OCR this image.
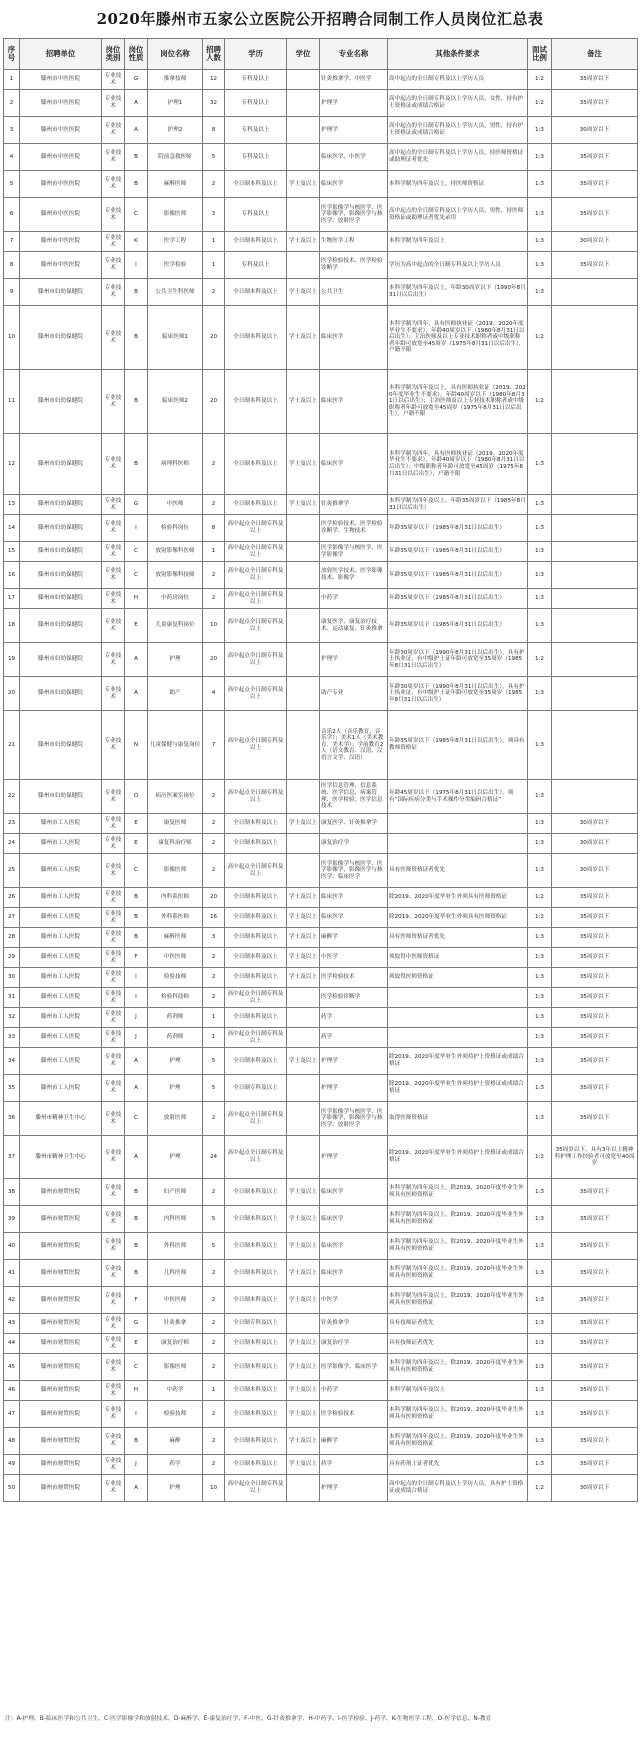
2020年滕州市五家公立医院公开招聘合同制工作人员岗位汇总表
序号	招聘单位	岗位类别	岗位性质	岗位名称	招聘人数	学历	学位	专业名称	其他条件要求	面试比例	备注
1	滕州市中医医院	专业技术	G	推拿技师	12	专科及以上		针灸推拿学、中医学	高中起点的全日制专科及以上学历人员	1:2	35周岁以下
2	滕州市中医医院	专业技术	A	护理1	32	专科及以上		护理学	高中起点的全日制专科及以上学历人员，女性，持有护士资格证或成绩合格证	1:2	35周岁以下
3	滕州市中医医院	专业技术	A	护理2	8	专科及以上		护理学	高中起点的全日制专科及以上学历人员，男性，持有护士资格证或成绩合格证	1:3	30周岁以下
4	滕州市中医医院	专业技术	B	院前急救医师	5	专科及以上		临床医学、中医学	高中起点的全日制专科及以上学历人员，持医师资格证或助理证者优先	1:3	35周岁以下
5	滕州市中医医院	专业技术	B	麻醉医师	2	全日制本科及以上	学士及以上	临床医学	本科学制为四年及以上，持医师资格证	1:3	35周岁以下
6	滕州市中医医院	专业技术	C	影像医师	3	专科及以上		医学影像学与核医学、医学影像学、影像医学与核医学、放射医学	高中起点的全日制专科及以上学历人员，男性，持医师资格证或助理证者优先录用	1:3	35周岁以下
7	滕州市中医医院	专业技术	K	医学工程	1	全日制本科及以上	学士及以上	生物医学工程	本科学制为四年及以上	1:3	30周岁以下
8	滕州市中医医院	专业技术	I	医学检验	1	专科及以上		医学检验技术、医学检验诊断学	学历为高中起点的全日制专科及以上学历人员	1:3	35周岁以下
9	滕州市妇幼保健院	专业技术	B	公共卫生科医师	2	全日制本科及以上	学士及以上	公共卫生	本科学制为四年及以上，年龄30周岁以下（1990年8月31日以后出生）	1:3	
10	滕州市妇幼保健院	专业技术	B	临床医师1	20	全日制本科及以上	学士及以上	临床医学	本科学制为四年，具有医师执业证（2019、2020年度毕业生不要求），年龄40周岁以下（1980年8月31日以后出生）；主治医师及以上专业技术职称者或中级职称者年龄可放宽至45周岁（1975年8月31日以后出生），户籍不限	1:2	
11	滕州市妇幼保健院	专业技术	B	临床医师2	20	全日制本科及以上	学士及以上	临床医学	本科学制为四年及以上，具有医师执业证（2019、2020年度毕业生不要求），年龄40周岁以下（1980年8月31日以后出生）；主治医师及以上专业技术职称者或中级职称者年龄可放宽至45周岁（1975年8月31日以后出生），户籍不限	1:2	
12	滕州市妇幼保健院	专业技术	B	病理科医师	2	全日制本科及以上	学士及以上	临床医学	本科学制为四年，具有医师执业证（2019、2020年度毕业生不要求），年龄40周岁以下（1980年8月31日以后出生）；中级职称者年龄可放宽至45周岁（1975年8月31日以后出生），户籍不限	1:3	
13	滕州市妇幼保健院	专业技术	G	中医师	2	全日制本科及以上	学士及以上	针灸推拿学	本科学制为四年及以上，年龄35周岁以下（1985年8月31日以后出生）	1:3	
14	滕州市妇幼保健院	专业技术	I	检验科岗位	8	高中起点全日制专科及以上		医学检验技术、医学检验诊断学、生物技术	年龄35周岁以下（1985年8月31日以后出生）	1:3	
15	滕州市妇幼保健院	专业技术	C	放射影像科医师	1	高中起点全日制专科及以上		医学影像学与核医学、医学影像学	年龄35周岁以下（1985年8月31日以后出生）	1:3	
16	滕州市妇幼保健院	专业技术	C	放射影像科技师	2	高中起点全日制专科及以上		放射医学技术、医学影像技术、影像学	年龄35周岁以下（1985年8月31日以后出生）	1:3	
17	滕州市妇幼保健院	专业技术	H	中药房岗位	2	高中起点全日制专科及以上		中药学	年龄35周岁以下（1985年8月31日以后出生）	1:3	
18	滕州市妇幼保健院	专业技术	E	儿童康复科岗位	10	高中起点全日制专科及以上		康复医学、康复治疗技术、运动康复、针灸推拿	年龄35周岁以下（1985年8月31日以后出生）	1:3	
19	滕州市妇幼保健院	专业技术	A	护理	20	高中起点全日制专科及以上		护理学	年龄30周岁以下（1990年8月31日以后出生），具有护士执业证，有中级护士证年龄可放宽至35周岁（1985年8月31日以后出生）	1:2	
20	滕州市妇幼保健院	专业技术	A	助产	4	高中起点全日制专科及以上		助产专业	年龄30周岁以下（1990年8月31日以后出生），具有护士执业证，有中级护士证年龄可放宽至35周岁（1985年8月31日以后出生）	1:3	
21	滕州市妇幼保健院	专业技术	N	儿童保健与康复岗位	7	高中起点全日制专科及以上		音乐2人（音乐教育、音乐学）；美术1人（美术教育、美术学）；学前教育2人（语文教育、汉语、汉语言文学、汉语）	年龄35周岁以下（1985年8月31日以后出生），须具有教师资格证	1:3	
22	滕州市妇幼保健院	专业技术	O	病历医案室岗位	2	高中起点全日制专科及以上		医学信息管理、信息系统、医学信息、病案管理、医学检验、医学信息技术	年龄45周岁以下（1975年8月31日以后出生），须有“国际疾病分类与手术操作分类编码合格证”	1:3	
23	滕州市工人医院	专业技术	E	康复医师	2	全日制本科及以上	学士及以上	康复医学、针灸推拿学		1:3	30周岁以下
24	滕州市工人医院	专业技术	E	康复科治疗师	2	全日制本科及以上		康复治疗学		1:3	30周岁以下
25	滕州市工人医院	专业技术	C	影像医师	2	高中起点全日制专科及以上		医学影像学与核医学、医学影像学、影像医学与核医学、临床医学	具有医师资格证者优先	1:3	30周岁以下
26	滕州市工人医院	专业技术	B	内科系医师	20	全日制本科及以上	学士及以上	临床医学	除2019、2020年度毕业生外须具有医师资格证	1:2	35周岁以下
27	滕州市工人医院	专业技术	B	外科系医师	16	全日制本科及以上	学士及以上	临床医学	除2019、2020年度毕业生外须具有医师资格证	1:2	35周岁以下
28	滕州市工人医院	专业技术	B	麻醉医师	3	全日制本科及以上	学士及以上	麻醉学	具有医师资格证者优先	1:3	35周岁以下
29	滕州市工人医院	专业技术	F	中医医师	2	全日制本科及以上	学士及以上	中医学	须取得中医师资格证	1:3	35周岁以下
30	滕州市工人医院	专业技术	I	检验技师	2	全日制本科及以上	学士及以上	医学检验技术	须取得医师资格证	1:3	35周岁以下
31	滕州市工人医院	专业技术	I	检验科技师	2	高中起点全日制专科及以上		医学检验诊断学		1:3	35周岁以下
32	滕州市工人医院	专业技术	J	药剂师	1	全日制本科及以上		药学		1:3	35周岁以下
33	滕州市工人医院	专业技术	J	药剂师	1	高中起点全日制专科及以上		药学		1:3	35周岁以下
34	滕州市工人医院	专业技术	A	护理	5	全日制本科及以上	学士及以上	护理学	除2019、2020年度毕业生外须持护士资格证或成绩合格证	1:3	35周岁以下
35	滕州市工人医院	专业技术	A	护理	5	全日制专科及以上		护理学	除2019、2020年度毕业生外须持护士资格证或成绩合格证	1:3	35周岁以下
36	滕州市精神卫生中心	专业技术	C	放射医师	2	高中起点全日制专科及以上		医学影像学与核医学、医学影像学、影像医学与核医学、放射医学	取得医师资格证	1:3	35周岁以下
37	滕州市精神卫生中心	专业技术	A	护理	24	高中起点全日制专科及以上		护理学	除2019、2020年度毕业生外须持护士资格证或成绩合格证	1:2	35周岁以下，具有3年以上精神科护理工作经验者可放宽至40周岁
38	滕州市财贸医院	专业技术	B	妇产医师	2	全日制本科及以上	学士及以上	临床医学	本科学制为四年及以上，除2019、2020年度毕业生外须具有医师资格证	1:3	35周岁以下
39	滕州市财贸医院	专业技术	B	内科医师	5	全日制本科及以上	学士及以上	临床医学	本科学制为四年及以上，除2019、2020年度毕业生外须具有医师资格证	1:3	35周岁以下
40	滕州市财贸医院	专业技术	B	外科医师	5	全日制本科及以上	学士及以上	临床医学	本科学制为四年及以上，除2019、2020年度毕业生外须具有医师资格证	1:3	35周岁以下
41	滕州市财贸医院	专业技术	B	儿科医师	2	全日制本科及以上	学士及以上	临床医学	本科学制为四年及以上，除2019、2020年度毕业生外须具有医师资格证	1:3	35周岁以下
42	滕州市财贸医院	专业技术	F	中医医师	2	全日制本科及以上	学士及以上	中医学	本科学制为四年及以上，除2019、2020年度毕业生外须具有医师资格证	1:3	35周岁以下
43	滕州市财贸医院	专业技术	G	针灸推拿	2	全日制专科及以上		针灸推拿学	具有技师证者优先	1:3	35周岁以下
44	滕州市财贸医院	专业技术	E	康复治疗师	2	全日制本科及以上	学士及以上	康复治疗学	具有技师证者优先	1:3	35周岁以下
45	滕州市财贸医院	专业技术	C	影像医师	2	全日制本科及以上	学士及以上	医学影像学、临床医学	本科学制为四年及以上，除2019、2020年度毕业生外须具有医师资格证	1:3	35周岁以下
46	滕州市财贸医院	专业技术	H	中药学	1	全日制本科及以上	学士及以上	中药学	本科学制为四年及以上	1:3	35周岁以下
47	滕州市财贸医院	专业技术	I	检验技师	2	全日制本科及以上	学士及以上	医学检验技术	本科学制为四年及以上，除2019、2020年度毕业生外须具有医师资格证	1:3	35周岁以下
48	滕州市财贸医院	专业技术	B	麻醉	2	全日制本科及以上	学士及以上	麻醉学	本科学制为四年及以上，除2019、2020年度毕业生外须具有医师资格证	1:3	35周岁以下
49	滕州市财贸医院	专业技术	J	药学	2	全日制本科及以上	学士及以上	药学	具有药剂士证者优先	1:3	35周岁以下
50	滕州市财贸医院	专业技术	A	护理	10	高中起点全日制专科及以上		护理学	高中起点的全日制专科及以上学历人员，具有护士资格证或成绩合格证	1:2	30周岁以下
注：A-护理、B-临床医学和公共卫生、C-医学影像学和放射技术、D-麻醉学、E-康复治疗学、F-中医、G-针灸推拿学、H-中药学、I-医学检验、J-药学、K-生物医学工程、O-医学信息、N-教育
